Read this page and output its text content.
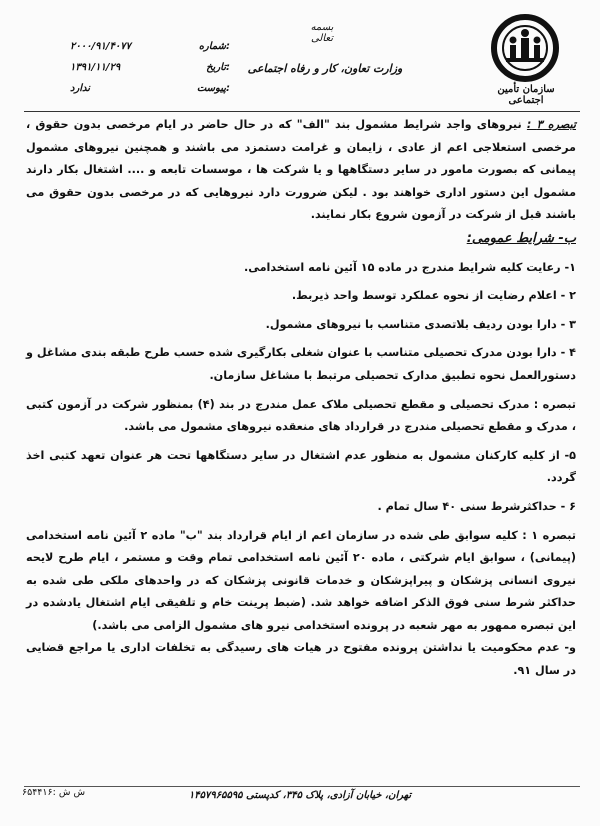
سازمان تأمین اجتماعی
بسمه تعالی
وزارت تعاون، کار و رفاه اجتماعی
شماره:
۲۰۰۰/۹۱/۴۰۷۷
تاریخ:
۱۳۹۱/۱۱/۲۹
پیوست:
ندارد

تبصره ۳ : نیروهای واجد شرایط مشمول بند "الف" که در حال حاضر در ایام مرخصی بدون حقوق ، مرخصی استعلاجی اعم از عادی ، زایمان و غرامت دستمزد می باشند و همچنین نیروهای مشمول پیمانی که بصورت مامور در سایر دستگاهها و یا شرکت ها ، موسسات تابعه و .... اشتغال بکار دارند مشمول این دستور اداری خواهند بود . لیکن ضرورت دارد نیروهایی که در مرخصی بدون حقوق می باشند قبل از شرکت در آزمون شروع بکار نمایند.

ب- شرایط عمومی:

۱- رعایت کلیه شرایط مندرج در ماده ۱۵ آئین نامه استخدامی.

۲ - اعلام رضایت از نحوه عملکرد توسط واحد ذیربط.

۳ - دارا بودن ردیف بلاتصدی متناسب با نیروهای مشمول.

۴ - دارا بودن مدرک تحصیلی متناسب با عنوان شغلی بکارگیری شده حسب طرح طبقه بندی مشاغل و دستورالعمل نحوه تطبیق مدارک تحصیلی مرتبط با مشاغل سازمان.

تبصره : مدرک تحصیلی و مقطع تحصیلی ملاک عمل مندرج در بند (۴) بمنظور شرکت در آزمون کتبی ، مدرک و مقطع تحصیلی مندرج در قرارداد های منعقده نیروهای مشمول می باشد.

۵- از کلیه کارکنان مشمول به منظور عدم اشتغال در سایر دستگاهها تحت هر عنوان تعهد کتبی اخذ گردد.

۶ - حداکثرشرط سنی ۴۰ سال تمام .

تبصره ۱ : کلیه سوابق طی شده در سازمان اعم از ایام قرارداد بند "ب" ماده ۲ آئین نامه استخدامی (پیمانی) ، سوابق ایام شرکتی ، ماده ۲۰ آئین نامه استخدامی تمام وقت و مستمر ، ایام طرح لایحه نیروی انسانی پزشکان و پیراپزشکان و خدمات قانونی پزشکان که در واحدهای ملکی طی شده به حداکثر شرط سنی فوق الذکر اضافه خواهد شد. (ضبط پرینت خام و تلفیقی ایام اشتغال یادشده در این تبصره ممهور به مهر شعبه در پرونده استخدامی نیرو های مشمول الزامی می باشد.)

و- عدم محکومیت یا نداشتن پرونده مفتوح در هیات های رسیدگی به تخلفات اداری یا مراجع قضایی در سال ۹۱.

تهران، خیابان آزادی، پلاک ۳۴۵، کدپستی ۱۴۵۷۹۶۵۵۹۵
ش ش :۶۵۴۴۱۶
